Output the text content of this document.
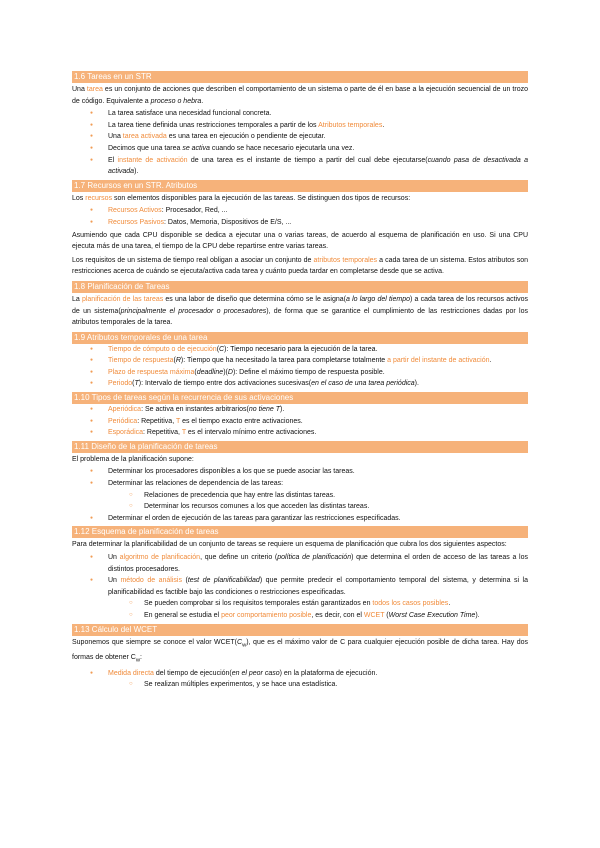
1.6 Tareas en un STR

Una tarea es un conjunto de acciones que describen el comportamiento de un sistema o parte de él en base a la ejecución secuencial de un trozo de código. Equivalente a proceso o hebra.

● La tarea satisface una necesidad funcional concreta.
● La tarea tiene definida unas restricciones temporales a partir de los Atributos temporales.
● Una tarea activada es una tarea en ejecución o pendiente de ejecutar.
● Decimos que una tarea se activa cuando se hace necesario ejecutarla una vez.
● El instante de activación de una tarea es el instante de tiempo a partir del cual debe ejecutarse(cuando pasa de desactivada a activada).
1.7 Recursos en un STR. Atributos

Los recursos son elementos disponibles para la ejecución de las tareas. Se distinguen dos tipos de recursos:

● Recursos Activos: Procesador, Red, ...
● Recursos Pasivos: Datos, Memoria, Dispositivos de E/S, ...

Asumiendo que cada CPU disponible se dedica a ejecutar una o varias tareas, de acuerdo al esquema de planificación en uso. Si una CPU ejecuta más de una tarea, el tiempo de la CPU debe repartirse entre varias tareas.

Los requisitos de un sistema de tiempo real obligan a asociar un conjunto de atributos temporales a cada tarea de un sistema. Estos atributos son restricciones acerca de cuándo se ejecuta/activa cada tarea y cuánto pueda tardar en completarse desde que se activa.

1.8 Planificación de Tareas

La planificación de las tareas es una labor de diseño que determina cómo se le asigna(a lo largo del tiempo) a cada tarea de los recursos activos de un sistema(principalmente el procesador o procesadores), de forma que se garantice el cumplimiento de las restricciones dadas por los atributos temporales de la tarea.

1.9 Atributos temporales de una tarea
● Tiempo de cómputo o de ejecución(C): Tiempo necesario para la ejecución de la tarea.
● Tiempo de respuesta(R): Tiempo que ha necesitado la tarea para completarse totalmente a partir del instante de activación.
● Plazo de respuesta máxima(deadline)(D): Define el máximo tiempo de respuesta posible.
● Periodo(T): Intervalo de tiempo entre dos activaciones sucesivas(en el caso de una tarea periódica).
1.10 Tipos de tareas según la recurrencia de sus activaciones
● Aperiódica: Se activa en instantes arbitrarios(no tiene T).
● Periódica: Repetitiva, T es el tiempo exacto entre activaciones.
● Esporádica: Repetitiva, T es el intervalo mínimo entre activaciones.
1.11 Diseño de la planificación de tareas

El problema de la planificación supone:

● Determinar los procesadores disponibles a los que se puede asociar las tareas.
● Determinar las relaciones de dependencia de las tareas:
○ Relaciones de precedencia que hay entre las distintas tareas.
○ Determinar los recursos comunes a los que acceden las distintas tareas.
● Determinar el orden de ejecución de las tareas para garantizar las restricciones especificadas.
1.12 Esquema de planificación de tareas

Para determinar la planificabilidad de un conjunto de tareas se requiere un esquema de planificación que cubra los dos siguientes aspectos:

● Un algoritmo de planificación, que define un criterio (política de planificación) que determina el orden de acceso de las tareas a los distintos procesadores.
● Un método de análisis (test de planificabilidad) que permite predecir el comportamiento temporal del sistema, y determina si la planificabilidad es factible bajo las condiciones o restricciones especificadas.
○ Se pueden comprobar si los requisitos temporales están garantizados en todos los casos posibles.
○ En general se estudia el peor comportamiento posible, es decir, con el WCET (Worst Case Execution Time).
1.13 Cálculo del WCET

Suponemos que siempre se conoce el valor $WCET(C_w)$, que es el máximo valor de C para cualquier ejecución posible de dicha tarea. Hay dos formas de obtener $C_w$:

● Medida directa del tiempo de ejecución(en el peor caso) en la plataforma de ejecución.
○ Se realizan múltiples experimentos, y se hace una estadística.
